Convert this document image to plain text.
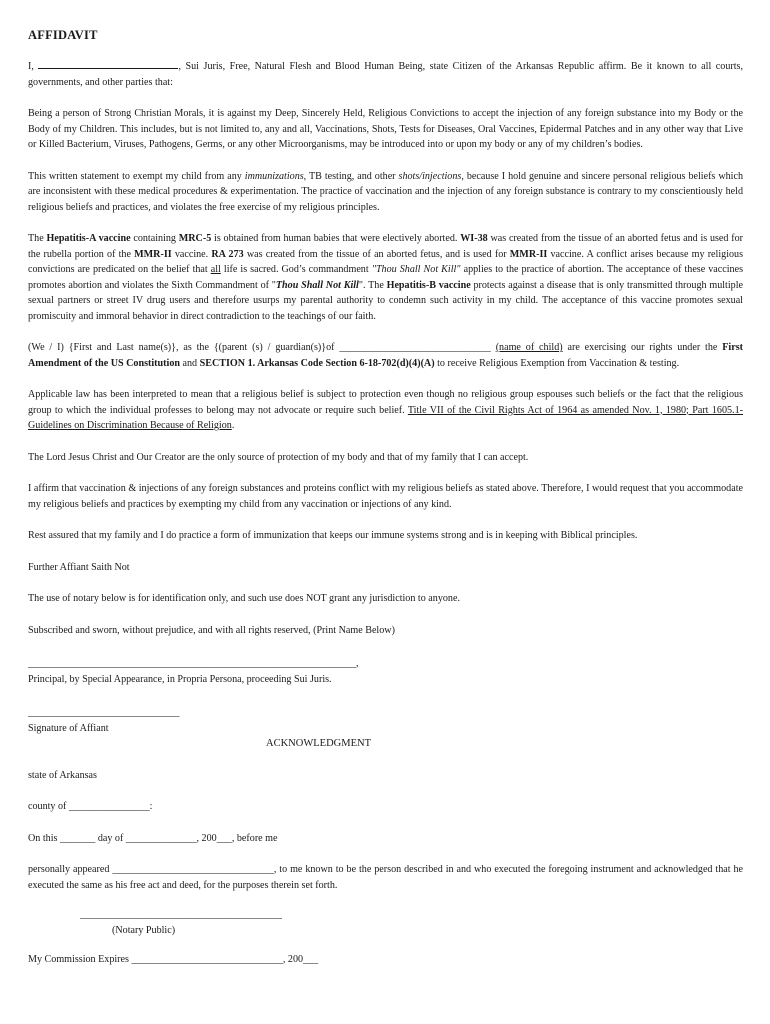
AFFIDAVIT

I,	, Sui Juris, Free, Natural Flesh and Blood Human Being, state Citizen of the Arkansas Republic affirm. Be it known to all courts, governments, and other parties that:

Being a person of Strong Christian Morals, it is against my Deep, Sincerely Held, Religious Convictions to accept the injection of any foreign substance into my Body or the Body of my Children. This includes, but is not limited to, any and all, Vaccinations, Shots, Tests for Diseases, Oral Vaccines, Epidermal Patches and in any other way that Live or Killed Bacterium, Viruses, Pathogens, Germs, or any other Microorganisms, may be introduced into or upon my body or any of my children’s bodies.

This written statement to exempt my child from any immunizations, TB testing, and other shots/injections, because I hold genuine and sincere personal religious beliefs which are inconsistent with these medical procedures & experimentation. The practice of vaccination and the injection of any foreign substance is contrary to my conscientiously held religious beliefs and practices, and violates the free exercise of my religious principles.

The Hepatitis-A vaccine containing MRC-5 is obtained from human babies that were electively aborted. WI-38 was created from the tissue of an aborted fetus and is used for the rubella portion of the MMR-II vaccine. RA 273 was created from the tissue of an aborted fetus, and is used for MMR-II vaccine. A conflict arises because my religious convictions are predicated on the belief that all life is sacred. God’s commandment "Thou Shall Not Kill" applies to the practice of abortion. The acceptance of these vaccines promotes abortion and violates the Sixth Commandment of "Thou Shall Not Kill". The Hepatitis-B vaccine protects against a disease that is only transmitted through multiple sexual partners or street IV drug users and therefore usurps my parental authority to condemn such activity in my child. The acceptance of this vaccine promotes sexual promiscuity and immoral behavior in direct contradiction to the teachings of our faith.

(We / I) {First and Last name(s)}, as the {(parent (s) / guardian(s)}of ______________________________ (name of child) are exercising our rights under the First Amendment of the US Constitution and SECTION 1. Arkansas Code Section 6-18-702(d)(4)(A) to receive Religious Exemption from Vaccination & testing.

Applicable law has been interpreted to mean that a religious belief is subject to protection even though no religious group espouses such beliefs or the fact that the religious group to which the individual professes to belong may not advocate or require such belief. Title VII of the Civil Rights Act of 1964 as amended Nov. 1, 1980; Part 1605.1-Guidelines on Discrimination Because of Religion.

The Lord Jesus Christ and Our Creator are the only source of protection of my body and that of my family that I can accept.

I affirm that vaccination & injections of any foreign substances and proteins conflict with my religious beliefs as stated above. Therefore, I would request that you accommodate my religious beliefs and practices by exempting my child from any vaccination or injections of any kind.

Rest assured that my family and I do practice a form of immunization that keeps our immune systems strong and is in keeping with Biblical principles.

Further Affiant Saith Not

The use of notary below is for identification only, and such use does NOT grant any jurisdiction to anyone.

Subscribed and sworn, without prejudice, and with all rights reserved, (Print Name Below)

_________________________________________________________________,

Principal, by Special Appearance, in Propria Persona, proceeding Sui Juris.

______________________________

Signature of Affiant

ACKNOWLEDGMENT

state of Arkansas

county of ________________:

On this _______ day of ______________, 200___, before me

personally appeared ________________________________, to me known to be the person described in and who executed the foregoing instrument and acknowledged that he executed the same as his free act and deed, for the purposes therein set forth.

________________________________________

(Notary Public)

My Commission Expires ______________________________, 200___
